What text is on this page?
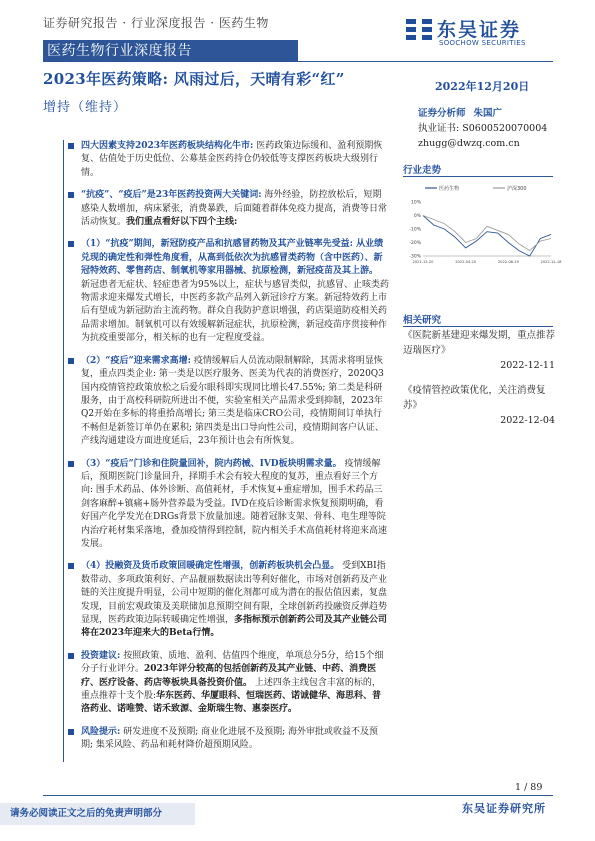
证券研究报告 · 行业深度报告 · 医药生物	东吴证券
SOOCHOW SECURITIES
医药生物行业深度报告
2023年医药策略: 风雨过后，天晴有彩“红”	2022年12月20日
增持（维持）	证券分析师 朱国广
执业证书: S0600520070004
zhugg@dwzq.com.cn
行业走势
医药生物	沪深300
10%
0%
-10%
-20%
-30%
2021-12-20	2022-04-20	2022-08-19	2022-12-18
相关研究
《医院新基建迎来爆发期，重点推荐迈瑞医疗》
2022-12-11
《疫情管控政策优化，关注消费复苏》
2022-12-04
四大因素支持2023年医药板块结构化牛市: 医药政策边际缓和、盈利预期恢复、估值处于历史低位、公募基金医药持仓仍较低等支撑医药板块大级别行情。
“抗疫”、“疫后”是23年医药投资两大关键词: 海外经验，防控放松后，短期感染人数增加，病床紧张，消费暴跌，后面随着群体免疫力提高，消费等日常活动恢复。我们重点看好以下四个主线:
（1）“抗疫”期间，新冠防疫产品和抗感冒药物及其产业链率先受益: 从业绩兑现的确定性和弹性角度看，从高到低依次为抗感冒类药物（含中医药）、新冠特效药、零售药店、制氧机等家用器械、抗原检测，新冠疫苗及其上游。 新冠患者无症状、轻症患者为95%以上，症状与感冒类似，抗感冒、止咳类药物需求迎来爆发式增长，中医药多款产品列入新冠诊疗方案。新冠特效药上市后有望成为新冠防治主流药物。群众自我防护意识增强，药店渠道防疫相关药品需求增加。制氧机可以有效缓解新冠症状，抗原检测，新冠疫苗序贯接种作为抗疫重要部分，相关标的也有一定程度受益。
（2）“疫后”迎来需求高增: 疫情缓解后人员流动限制解除，其需求将明显恢复，重点四类企业: 第一类是以医疗服务、医美为代表的消费医疗，2020Q3国内疫情管控政策放松之后爱尔眼科即实现同比增长47.55%; 第二类是科研服务，由于高校科研院所进出不便，实验室相关产品需求受到抑制，2023年Q2开始在多标的将重拾高增长; 第三类是临床CRO公司，疫情期间订单执行不畅但是新签订单仍在累积; 第四类是出口导向性公司，疫情期间客户认证、产线沟通建设方面进度延后，23年预计也会有所恢复。
（3）“疫后”门诊和住院量回补，院内药械、IVD板块明需求量。 疫情缓解后，预期医院门诊量回升，择期手术会有较大程度的复苏，重点看好三个方向: 围手术药品、体外诊断、高值耗材，手术恢复+重症增加，围手术药品三剑客麻醉+镇痛+肠外营养最为受益。IVD在疫后诊断需求恢复预期明确，看好国产化学发光在DRGs背景下放量加速。随着冠脉支架、骨科、电生理等院内治疗耗材集采落地，叠加疫情得到控制，院内相关手术高值耗材将迎来高速发展。
（4）投融资及货币政策回暖确定性增强，创新药板块机会凸显。 受到XBI指数带动、多项政策利好、产品靓丽数据读出等利好催化，市场对创新药及产业链的关注度提升明显，公司中短期的催化剂都可成为潜在的报估值因素，复盘发现，目前宏观政策及美联储加息预期空间有限，全球创新药投融资反弹趋势显现，医药政策边际转暖确定性增强，多指标预示创新药公司及其产业链公司将在2023年迎来大的Beta行情。
投资建议: 按照政策、质地、盈利、估值四个维度，单项总分5分，给15个细分子行业评分。2023年评分较高的包括创新药及其产业链、中药、消费医疗、医疗设备、药店等板块具备投资价值。 上述四条主线包含丰富的标的，重点推荐十支个股:华东医药、华厦眼科、恒瑞医药、诺诚健华、海思科、普洛药业、诺唯赞、诺禾致源、金斯瑞生物、惠泰医疗。
风险提示: 研发进度不及预期; 商业化进展不及预期; 海外审批或收益不及预期; 集采风险、药品和耗材降价超预期风险。
1 / 89
东吴证券研究所
请务必阅读正文之后的免责声明部分
